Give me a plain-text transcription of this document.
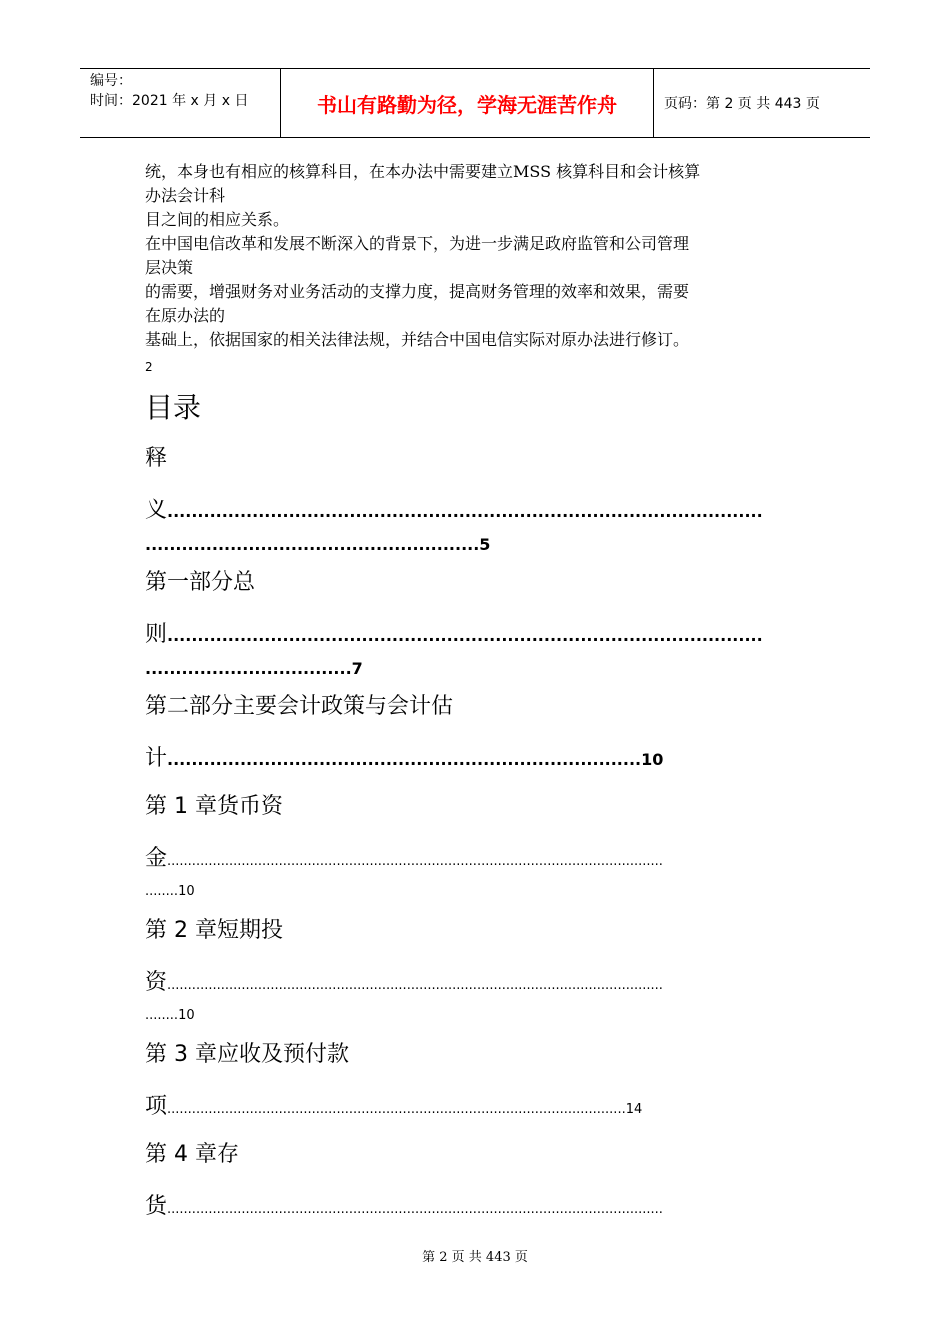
编号：
时间：2021 年 x 月 x 日	书山有路勤为径，学海无涯苦作舟	页码：第 2 页 共 443 页
统，本身也有相应的核算科目，在本办法中需要建立MSS 核算科目和会计核算
办法会计科
目之间的相应关系。
在中国电信改革和发展不断深入的背景下，为进一步满足政府监管和公司管理
层决策
的需要，增强财务对业务活动的支撑力度，提高财务管理的效率和效果，需要
在原办法的
基础上，依据国家的相关法律法规，并结合中国电信实际对原办法进行修订。
2
目录
释
义..................................................................................................
.......................................................5
第一部分总
则..................................................................................................
..................................7
第二部分主要会计政策与会计估
计..............................................................................10
第 1 章货币资
金........................................................................................................................
........10
第 2 章短期投
资........................................................................................................................
........10
第 3 章应收及预付款
项...............................................................................................................14
第 4 章存
货........................................................................................................................
第 2 页 共 443 页
